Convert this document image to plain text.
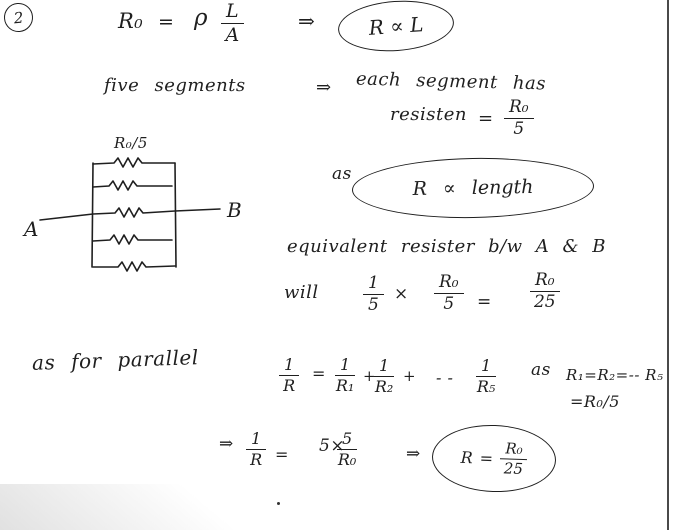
2	R₀ = ρ $\frac{L}{A}$	⇒	R ∝ L
five segments	⇒ each segment has
resisten = $\frac{\text{R₀}}{5}$
as
R ∝ length
R₀/5
A
B
equivalent resister b/w A & B
will	$\frac{1}{5} \times \frac{\text{R₀}}{5} = \frac{\text{R₀}}{25}$
as for parallel	$\frac{1}{R} = \frac{1}{\text{R₁}}$ +
$\frac{1}{\text{R₂}}$ + - - $\frac{1}{\text{R₅}}$ as R₁=R₂=-- R₅
=R₀/5
⇒ $\frac{1}{R} = 5\times$
$\frac{5}{\text{R₀}}$	⇒ $R = \frac{\text{R₀}}{25}$
